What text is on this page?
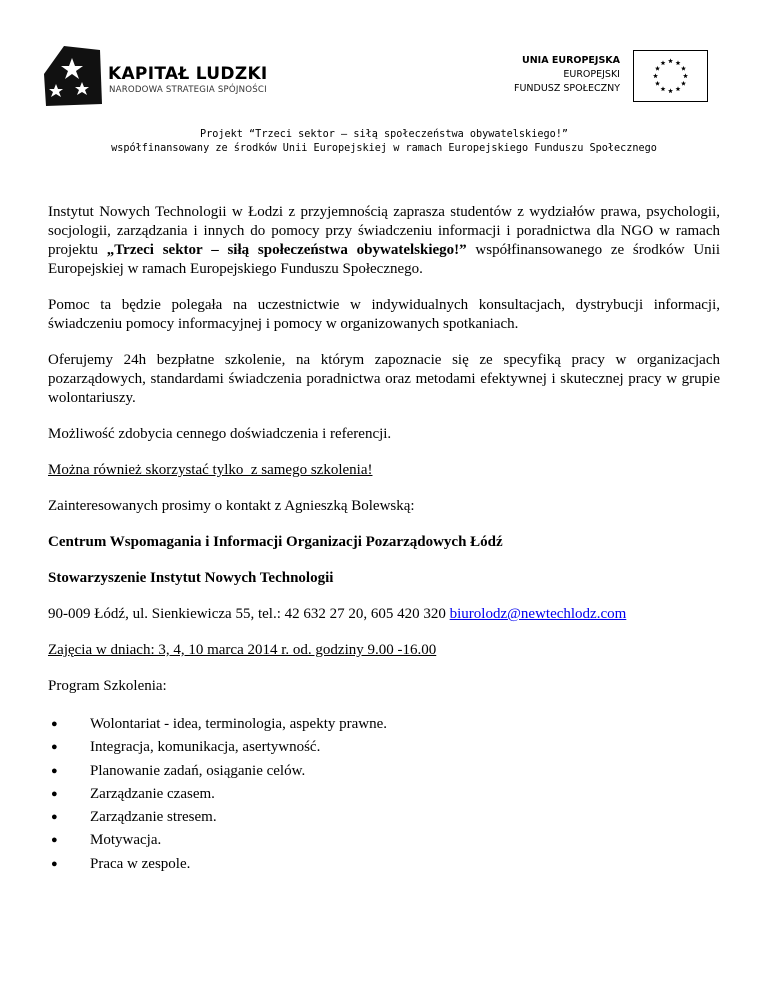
KAPITAŁ LUDZKI
NARODOWA STRATEGIA SPÓJNOŚCI
UNIA EUROPEJSKA
EUROPEJSKI
FUNDUSZ SPOŁECZNY
Projekt “Trzeci sektor – siłą społeczeństwa obywatelskiego!”
współfinansowany ze środków Unii Europejskiej w ramach Europejskiego Funduszu Społecznego

Instytut Nowych Technologii w Łodzi z przyjemnością zaprasza studentów z wydziałów prawa, psychologii, socjologii, zarządzania i innych do pomocy przy świadczeniu informacji i poradnictwa dla NGO w ramach projektu „Trzeci sektor – siłą społeczeństwa obywatelskiego!” współfinansowanego ze środków Unii Europejskiej w ramach Europejskiego Funduszu Społecznego.

Pomoc ta będzie polegała na uczestnictwie w indywidualnych konsultacjach, dystrybucji informacji, świadczeniu pomocy informacyjnej i pomocy w organizowanych spotkaniach.

Oferujemy 24h bezpłatne szkolenie, na którym zapoznacie się ze specyfiką pracy w organizacjach pozarządowych, standardami świadczenia poradnictwa oraz metodami efektywnej i skutecznej pracy w grupie wolontariuszy.

Możliwość zdobycia cennego doświadczenia i referencji.

Można również skorzystać tylko  z samego szkolenia!

Zainteresowanych prosimy o kontakt z Agnieszką Bolewską:

Centrum Wspomagania i Informacji Organizacji Pozarządowych Łódź

Stowarzyszenie Instytut Nowych Technologii

90-009 Łódź, ul. Sienkiewicza 55, tel.: 42 632 27 20, 605 420 320 biurolodz@newtechlodz.com

Zajęcia w dniach: 3, 4, 10 marca 2014 r. od. godziny 9.00 -16.00

Program Szkolenia:

● Wolontariat - idea, terminologia, aspekty prawne.
● Integracja, komunikacja, asertywność.
● Planowanie zadań, osiąganie celów.
● Zarządzanie czasem.
● Zarządzanie stresem.
● Motywacja.
● Praca w zespole.
